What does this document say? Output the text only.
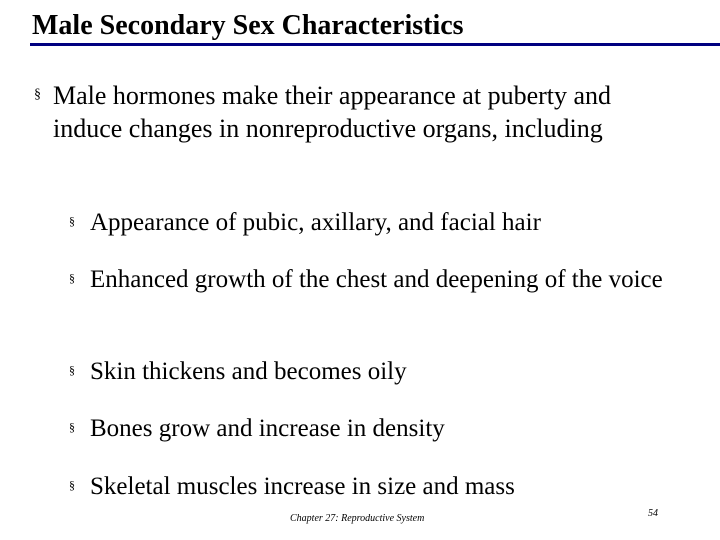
Male Secondary Sex Characteristics
§ Male hormones make their appearance at puberty and induce changes in nonreproductive organs, including
§ Appearance of pubic, axillary, and facial hair
§ Enhanced growth of the chest and deepening of the voice
§ Skin thickens and becomes oily
§ Bones grow and increase in density
§ Skeletal muscles increase in size and mass
Chapter 27: Reproductive System	54
